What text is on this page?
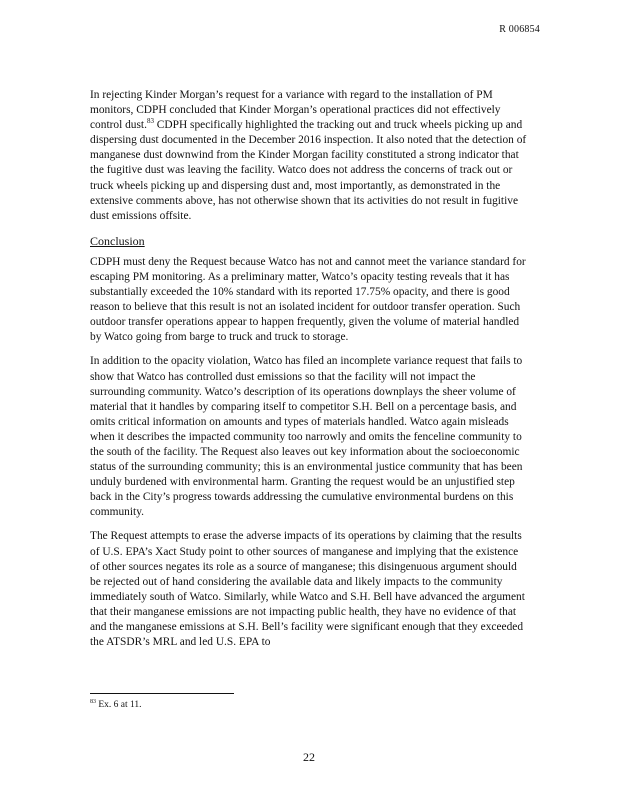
R 006854

In rejecting Kinder Morgan’s request for a variance with regard to the installation of PM monitors, CDPH concluded that Kinder Morgan’s operational practices did not effectively control dust.$^{83}$ CDPH specifically highlighted the tracking out and truck wheels picking up and dispersing dust documented in the December 2016 inspection. It also noted that the detection of manganese dust downwind from the Kinder Morgan facility constituted a strong indicator that the fugitive dust was leaving the facility. Watco does not address the concerns of track out or truck wheels picking up and dispersing dust and, most importantly, as demonstrated in the extensive comments above, has not otherwise shown that its activities do not result in fugitive dust emissions offsite.

Conclusion

CDPH must deny the Request because Watco has not and cannot meet the variance standard for escaping PM monitoring. As a preliminary matter, Watco’s opacity testing reveals that it has substantially exceeded the 10% standard with its reported 17.75% opacity, and there is good reason to believe that this result is not an isolated incident for outdoor transfer operation. Such outdoor transfer operations appear to happen frequently, given the volume of material handled by Watco going from barge to truck and truck to storage.

In addition to the opacity violation, Watco has filed an incomplete variance request that fails to show that Watco has controlled dust emissions so that the facility will not impact the surrounding community. Watco’s description of its operations downplays the sheer volume of material that it handles by comparing itself to competitor S.H. Bell on a percentage basis, and omits critical information on amounts and types of materials handled. Watco again misleads when it describes the impacted community too narrowly and omits the fenceline community to the south of the facility. The Request also leaves out key information about the socioeconomic status of the surrounding community; this is an environmental justice community that has been unduly burdened with environmental harm. Granting the request would be an unjustified step back in the City’s progress towards addressing the cumulative environmental burdens on this community.

The Request attempts to erase the adverse impacts of its operations by claiming that the results of U.S. EPA’s Xact Study point to other sources of manganese and implying that the existence of other sources negates its role as a source of manganese; this disingenuous argument should be rejected out of hand considering the available data and likely impacts to the community immediately south of Watco. Similarly, while Watco and S.H. Bell have advanced the argument that their manganese emissions are not impacting public health, they have no evidence of that and the manganese emissions at S.H. Bell’s facility were significant enough that they exceeded the ATSDR’s MRL and led U.S. EPA to

$^{83}$ Ex. 6 at 11.
22
